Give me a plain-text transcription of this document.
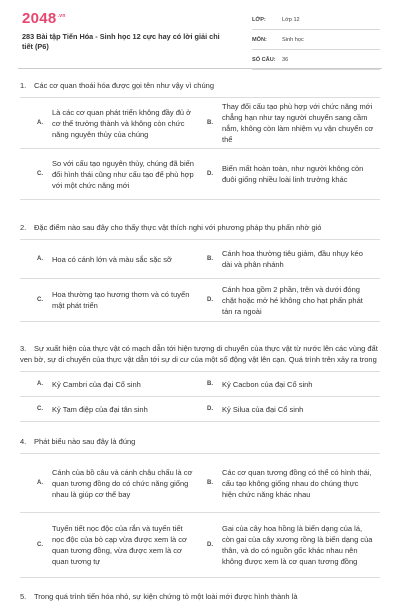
$2048^{.vn}$
283 Bài tập Tiến Hóa - Sinh học 12 cực hay có lời giải chi tiết (P6)
LỚP:	Lớp 12
MÔN:	Sinh học
SỐ CÂU:	36
1. Các cơ quan thoái hóa được gọi tên như vậy vì chúng
A.
Là các cơ quan phát triển không đầy đủ ở cơ thể trưởng thành và không còn chức năng nguyên thủy của chúng
B.
Thay đổi cấu tạo phù hợp với chức năng mới chẳng hạn như tay người chuyển sang cầm nắm, không còn làm nhiệm vụ vận chuyển cơ thể
C.
So với cấu tạo nguyên thủy, chúng đã biến đổi hình thái cũng như cấu tạo để phù hợp với một chức năng mới
D.
Biến mất hoàn toàn, như người không còn đuôi giống nhiều loài linh trưởng khác
2. Đặc điểm nào sau đây cho thấy thực vật thích nghi với phương pháp thụ phấn nhờ gió
A.	Hoa có cánh lớn và màu sắc sặc sỡ	B.
Cánh hoa thường tiêu giảm, đầu nhụy kéo dài và phân nhánh
C.
Hoa thường tạo hương thơm và có tuyến mật phát triển
D.
Cánh hoa gồm 2 phần, trên và dưới đóng chặt hoặc mở hé không cho hạt phấn phát tán ra ngoài
3. Sự xuất hiện của thực vật có mạch dẫn tới hiện tượng di chuyển của thực vật từ nước lên các vùng đất ven bờ, sự di chuyển của thực vật dẫn tới sự di cư của một số động vật lên cạn. Quá trình trên xảy ra trong
A.	Kỷ Cambri của đại Cổ sinh	B.	Kỷ Cacbon của đại Cổ sinh
C.	Kỷ Tam điệp của đại tân sinh	D.	Kỷ Silua của đại Cổ sinh
4. Phát biểu nào sau đây là đúng
A.
Cánh của bồ câu và cánh châu chấu là cơ quan tương đồng do có chức năng giống nhau là giúp cơ thể bay
B.
Các cơ quan tương đồng có thể có hình thái, cấu tạo không giống nhau do chúng thực hiện chức năng khác nhau
C.
Tuyến tiết nọc độc của rắn và tuyến tiết nọc độc của bò cạp vừa được xem là cơ quan tương đồng, vừa được xem là cơ quan tương tự
D.
Gai của cây hoa hồng là biến dạng của lá, còn gai của cây xương rồng là biến dạng của thân, và do có nguồn gốc khác nhau nên không được xem là cơ quan tương đồng
5. Trong quá trình tiến hóa nhỏ, sự kiện chứng tỏ một loài mới được hình thành là
